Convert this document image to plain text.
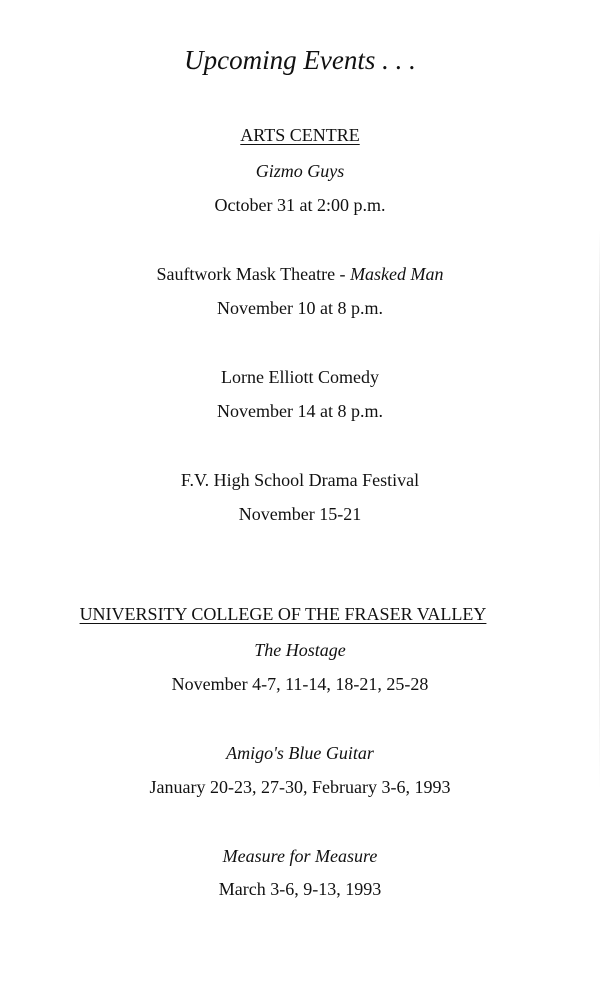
Upcoming Events . . .
ARTS CENTRE
Gizmo Guys
October 31 at 2:00 p.m.
Sauftwork Mask Theatre - Masked Man
November 10 at 8 p.m.
Lorne Elliott Comedy
November 14 at 8 p.m.
F.V. High School Drama Festival
November 15-21
UNIVERSITY COLLEGE OF THE FRASER VALLEY
The Hostage
November 4-7, 11-14, 18-21, 25-28
Amigo's Blue Guitar
January 20-23, 27-30, February 3-6, 1993
Measure for Measure
March 3-6, 9-13, 1993
